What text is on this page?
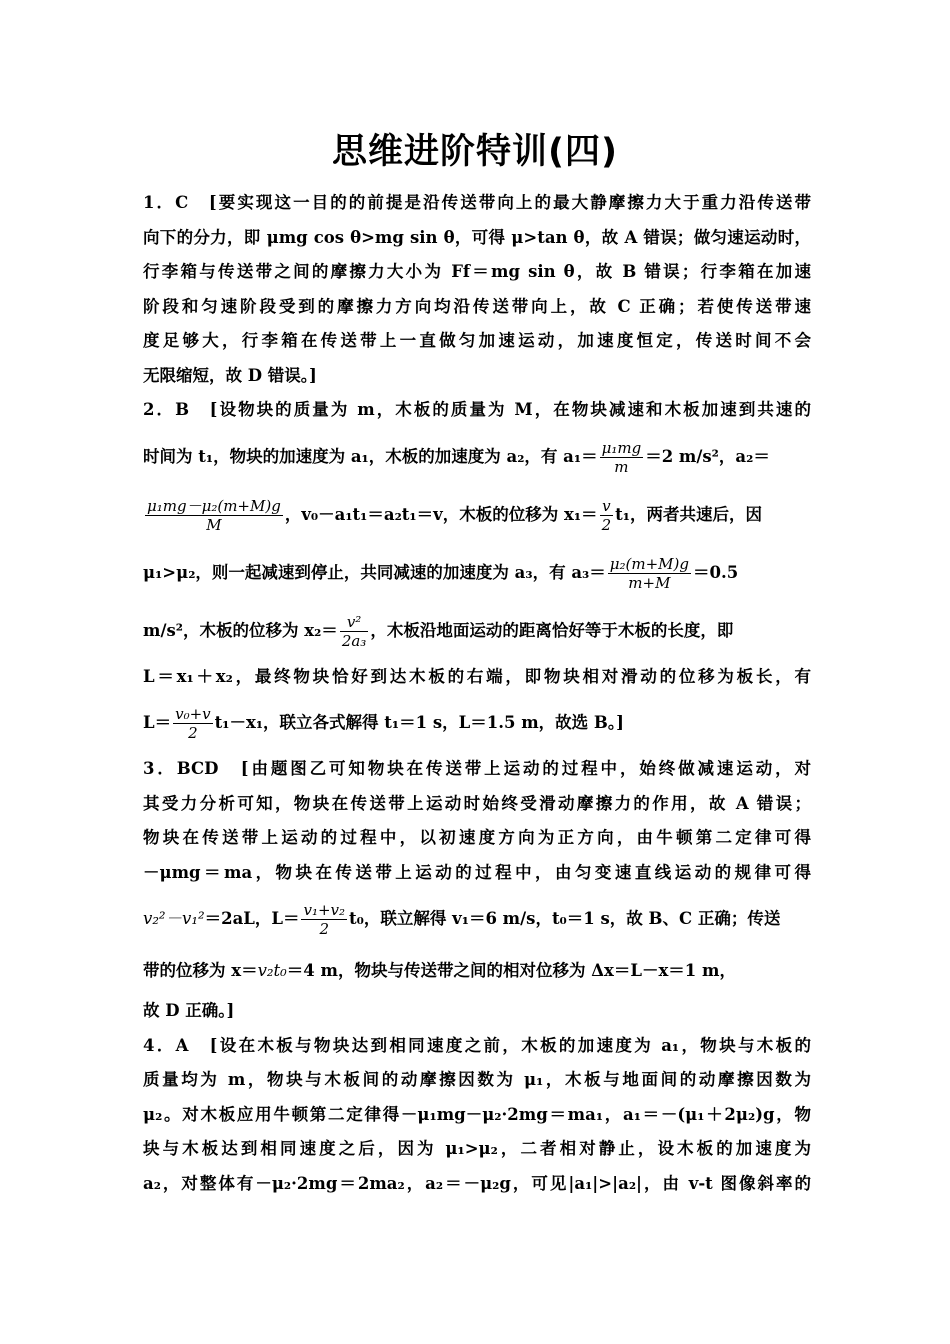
思维进阶特训(四)
1．C　[要实现这一目的的前提是沿传送带向上的最大静摩擦力大于重力沿传送带
向下的分力，即 μmg cos θ>mg sin θ，可得 μ>tan θ，故 A 错误；做匀速运动时，
行李箱与传送带之间的摩擦力大小为 Ff＝mg sin θ，故 B 错误；行李箱在加速
阶段和匀速阶段受到的摩擦力方向均沿传送带向上，故 C 正确；若使传送带速
度足够大，行李箱在传送带上一直做匀加速运动，加速度恒定，传送时间不会
无限缩短，故 D 错误。]
2．B　[设物块的质量为 m，木板的质量为 M，在物块减速和木板加速到共速的
时间为 t₁，物块的加速度为 a₁，木板的加速度为 a₂，有 $a_1= \frac{\text{μ₁mg}}{m} =2$ m/s²，a₂＝
$\frac{\text{μ₁mg－μ₂(m+M)g}}{M}$ ，v₀－a₁t₁＝a₂t₁＝v，木板的位移为 $x_1= \frac{v}{2} t_1$，两者共速后，因
μ₁>μ₂，则一起减速到停止，共同减速的加速度为 a₃，有 $a_3= \frac{\text{μ₂(m+M)g}}{m+M} =0.5$
m/s²，木板的位移为 $x_2= \frac{\text{v²}}{\text{2a₃}}$ ，木板沿地面运动的距离恰好等于木板的长度，即
L＝x₁＋x₂，最终物块恰好到达木板的右端，即物块相对滑动的位移为板长，有
$L= \frac{\text{v₀+v}}{2} t_1-x_1$，联立各式解得 t₁＝1 s，L＝1.5 m，故选 B。]
3．BCD　[由题图乙可知物块在传送带上运动的过程中，始终做减速运动，对
其受力分析可知，物块在传送带上运动时始终受滑动摩擦力的作用，故 A 错误；
物块在传送带上运动的过程中，以初速度方向为正方向，由牛顿第二定律可得
－μmg＝ma，物块在传送带上运动的过程中，由匀变速直线运动的规律可得
v₂²－v₁²＝2aL，$L= \frac{\text{v₁+v₂}}{2} t_0$，联立解得 v₁＝6 m/s，t₀＝1 s，故 B、C 正确；传送
带的位移为 x＝v₂t₀＝4 m，物块与传送带之间的相对位移为 Δx＝L－x＝1 m，
故 D 正确。]
4．A　[设在木板与物块达到相同速度之前，木板的加速度为 a₁，物块与木板的
质量均为 m，物块与木板间的动摩擦因数为 μ₁，木板与地面间的动摩擦因数为
μ₂。对木板应用牛顿第二定律得－μ₁mg－μ₂·2mg＝ma₁，a₁＝－(μ₁＋2μ₂)g，物
块与木板达到相同速度之后，因为 μ₁>μ₂，二者相对静止，设木板的加速度为
a₂，对整体有－μ₂·2mg＝2ma₂，a₂＝－μ₂g，可见|a₁|>|a₂|，由 v-t 图像斜率的
